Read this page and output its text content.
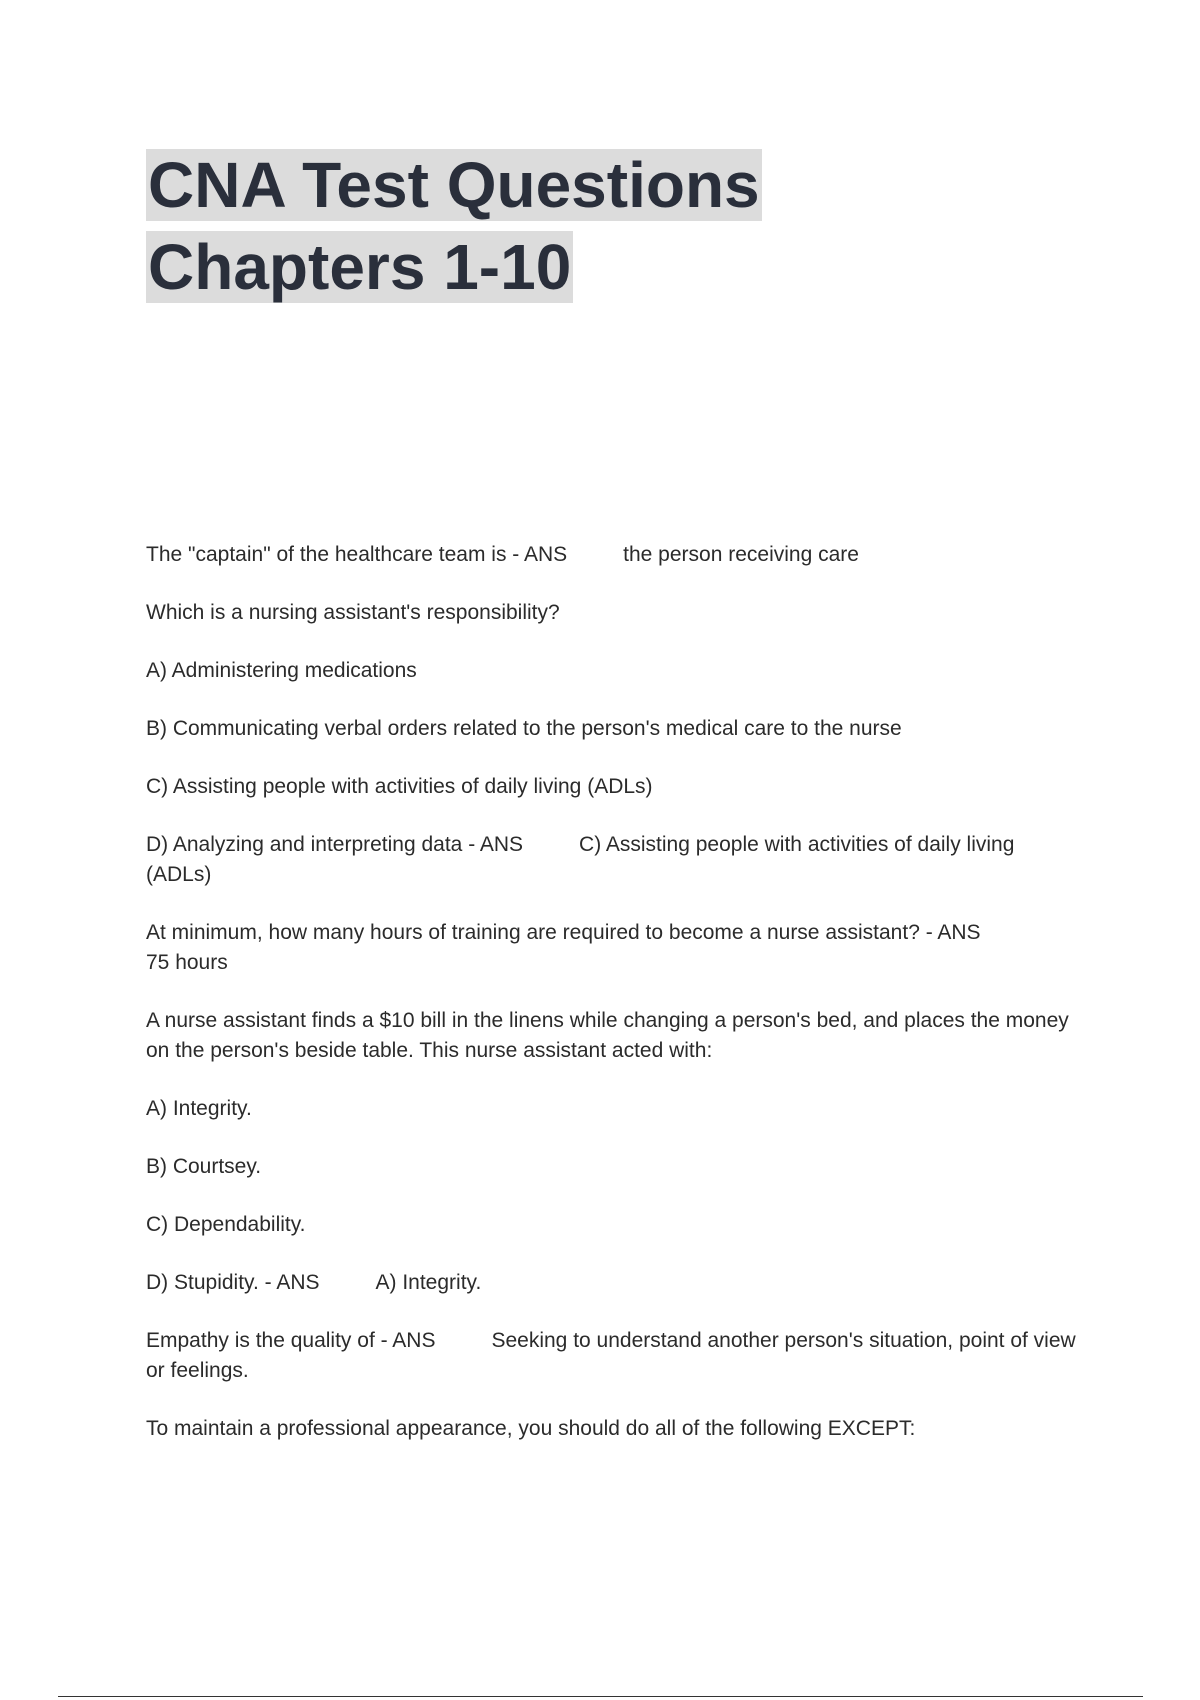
CNA Test Questions Chapters 1-10

The "captain" of the healthcare team is - ANS	the person receiving care

Which is a nursing assistant's responsibility?

A) Administering medications

B) Communicating verbal orders related to the person's medical care to the nurse

C) Assisting people with activities of daily living (ADLs)

D) Analyzing and interpreting data - ANS	C) Assisting people with activities of daily living (ADLs)

At minimum, how many hours of training are required to become a nurse assistant? - ANS
75 hours

A nurse assistant finds a $10 bill in the linens while changing a person's bed, and places the money on the person's beside table. This nurse assistant acted with:

A) Integrity.

B) Courtsey.

C) Dependability.

D) Stupidity. - ANS	A) Integrity.

Empathy is the quality of - ANS	Seeking to understand another person's situation, point of view or feelings.

To maintain a professional appearance, you should do all of the following EXCEPT:
